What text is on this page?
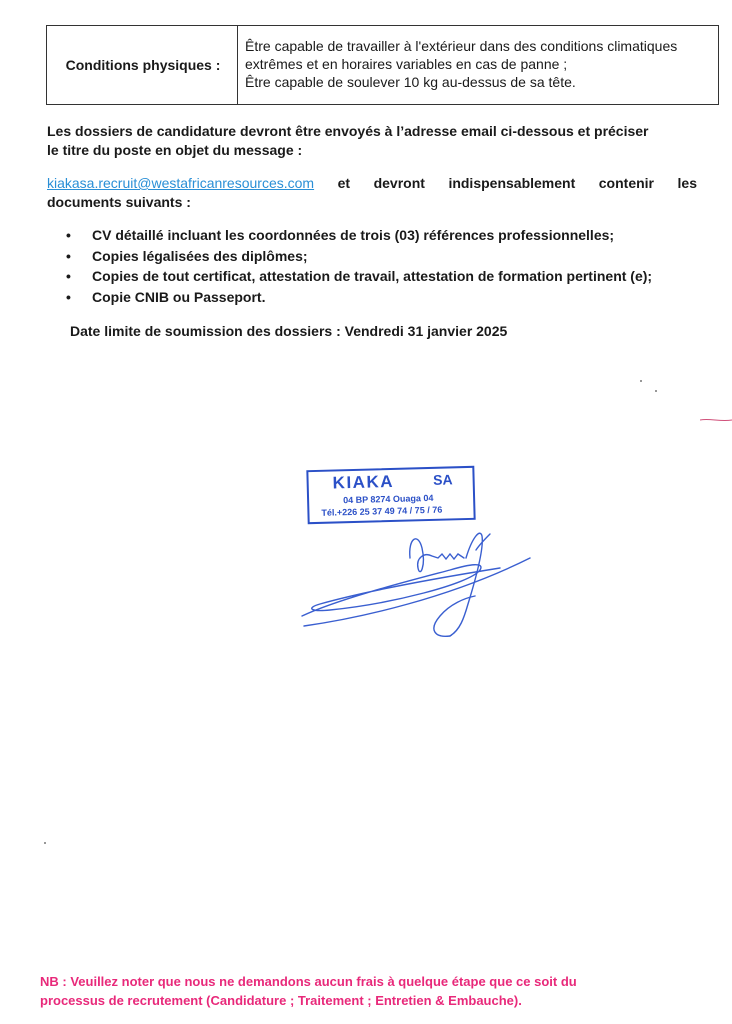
Conditions physiques :
Être capable de travailler à l'extérieur dans des conditions climatiques
extrêmes et en horaires variables en cas de panne ;
Être capable de soulever 10 kg au-dessus de sa tête.
Les dossiers de candidature devront être envoyés à l’adresse email ci-dessous et préciser
le titre du poste en objet du message :
kiakasa.recruit@westafricanresources.com et devront indispensablement contenir les
documents suivants :
•	CV détaillé incluant les coordonnées de trois (03) références professionnelles;
•	Copies légalisées des diplômes;
•	Copies de tout certificat, attestation de travail, attestation de formation pertinent (e);
•	Copie CNIB ou Passeport.
Date limite de soumission des dossiers : Vendredi 31 janvier 2025
KIAKA	SA
04 BP 8274 Ouaga 04
Tél.+226 25 37 49 74 / 75 / 76
NB : Veuillez noter que nous ne demandons aucun frais à quelque étape que ce soit du
processus de recrutement (Candidature ; Traitement ; Entretien & Embauche).
